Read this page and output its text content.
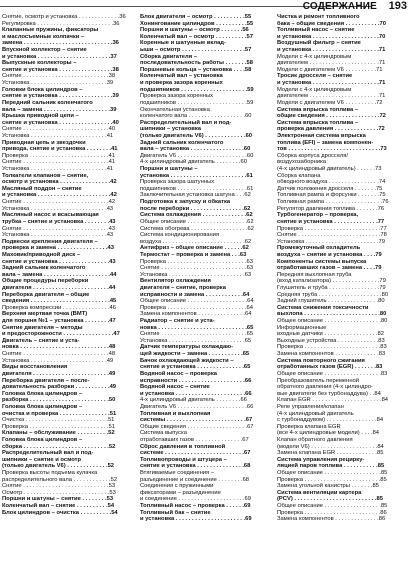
СОДЕРЖАНИЕ 193
Снятие, осмотр и установка . . . . . . . . . . . . .36
Регулировка . . . . . . . . . . . . . . . . . . . . . . . .36
Клапанные пружины, фиксаторы
и маслосъемные колпачки –
замена . . . . . . . . . . . . . . . . . . . . . . . . . . . .36
Впускной коллектор – снятие
и установка . . . . . . . . . . . . . . . . . . . . . . .37
Выпускные коллекторы –
снятие и установка . . . . . . . . . . . . . . . . .38
Снятие . . . . . . . . . . . . . . . . . . . . . . . . . . .38
Установка . . . . . . . . . . . . . . . . . . . . . . . .39
Головки блока цилиндров –
снятие и установка . . . . . . . . . . . . . . . . .39
Передний сальник коленчатого
вала – замена . . . . . . . . . . . . . . . . . . . . .39
Крышка приводной цепи –
снятие и установка . . . . . . . . . . . . . . . . .40
Снятие . . . . . . . . . . . . . . . . . . . . . . . . . . .40
Установка . . . . . . . . . . . . . . . . . . . . . . . .41
Приводная цепь и звездочки
привода, снятие и установка . . . . . . . .41
Проверка . . . . . . . . . . . . . . . . . . . . . . . . .41
Снятие . . . . . . . . . . . . . . . . . . . . . . . . . . .41
Установка . . . . . . . . . . . . . . . . . . . . . . . .41
Толкатели клапанов – снятие,
осмотр и установка . . . . . . . . . . . . . . . .42
Масляный поддон – снятие
и установка . . . . . . . . . . . . . . . . . . . . . . .42
Снятие . . . . . . . . . . . . . . . . . . . . . . . . . . .42
Установка . . . . . . . . . . . . . . . . . . . . . . . .43
Масляный насос и всасывающая
трубка – снятие и установка . . . . . . . .43
Снятие . . . . . . . . . . . . . . . . . . . . . . . . . . .43
Установка . . . . . . . . . . . . . . . . . . . . . . . .43
Подвески крепления двигателя –
проверка и замена . . . . . . . . . . . . . . . .43
Маховик/приводной диск –
снятие и установка . . . . . . . . . . . . . . . .43
Задний сальник коленчатого
вала – замена . . . . . . . . . . . . . . . . . . . . .44
Общие процедуры переборки
двигателя . . . . . . . . . . . . . . . . . . . . . . . .44
Переборка двигателя – общие
сведения . . . . . . . . . . . . . . . . . . . . . . . . .45
Проверка компрессии . . . . . . . . . . . . . . .46
Верхняя мертвая точка (ВМТ)
для поршня №1 – установка . . . . . . . .47
Снятие двигателя – методы
и предосторожности . . . . . . . . . . . . . . . .47
Двигатель – снятие и уста-
новка . . . . . . . . . . . . . . . . . . . . . . . . . . . .48
Снятие . . . . . . . . . . . . . . . . . . . . . . . . . . .48
Установка . . . . . . . . . . . . . . . . . . . . . . . .49
Виды восстановления
двигателя . . . . . . . . . . . . . . . . . . . . . . . .49
Переборка двигателя – после-
довательность разборки . . . . . . . . . . .49
Головка блока цилиндров –
разборка . . . . . . . . . . . . . . . . . . . . . . . . .50
Головка блока цилиндров –
очистка и проверка . . . . . . . . . . . . . . . .51
Очистка . . . . . . . . . . . . . . . . . . . . . . . . . .51
Проверка . . . . . . . . . . . . . . . . . . . . . . . . .51
Клапаны – обслуживание . . . . . . . . . .52
Головка блока цилиндров –
сборка . . . . . . . . . . . . . . . . . . . . . . . . . . .52
Распределительный вал и под-
шипники – снятие и осмотр
(только двигатель V6) . . . . . . . . . . . . .52
Проверка высоты подъема кулачка
распределительного вала . . . . . . . . . . . .52
Снятие . . . . . . . . . . . . . . . . . . . . . . . . . . .53
Осмотр . . . . . . . . . . . . . . . . . . . . . . . . . . .53
Поршни и шатуны – снятие . . . . . . . .53
Коленчатый вал – снятие . . . . . . . . . .54
Блок цилиндров – очистка . . . . . . . . . .54
Блок двигателя – осмотр . . . . . . . . . .55
Хонингование цилиндров . . . . . . . . . .55
Поршни и шатуны – осмотр . . . . . . .56
Коленчатый вал – осмотр . . . . . . . . . .57
Коренные и шатунные вклад-
ыши – осмотр . . . . . . . . . . . . . . . . . . . .57
Сборка двигателя –
последовательность работы . . . . . . .58
Поршневые кольца – установка . . . .58
Коленчатый вал – установка
и проверка зазора коренных
подшипников . . . . . . . . . . . . . . . . . . . . .59
Проверка зазора коренных
подшипников . . . . . . . . . . . . . . . . . . . . . .59
Окончательная установка
коленчатого вала . . . . . . . . . . . . . . . . . .60
Распределительный вал и под-
шипники – установка
(только двигатель V6) . . . . . . . . . . . . .60
Задний сальник коленчатого
вала – установка . . . . . . . . . . . . . . . . .60
Двигатель V6 . . . . . . . . . . . . . . . . . . . . . .60
4-х цилиндровый двигатель . . . . . . . .60
Поршни и шатуны –
установка . . . . . . . . . . . . . . . . . . . . . . . .61
Проверка зазора шатунных
подшипников . . . . . . . . . . . . . . . . . . . . . .61
Заключительная установка шатуна . . .62
Подготовка к запуску и обкатка
после переборки . . . . . . . . . . . . . . . . .62
Система охлаждения . . . . . . . . . . . . . .62
Общее описание . . . . . . . . . . . . . . . . . . .62
Система обогрева . . . . . . . . . . . . . . . . . .62
Система кондиционирования
воздуха . . . . . . . . . . . . . . . . . . . . . . . . . .62
Антифриз – общее описание . . . . . .62
Термостат – проверка и замена . . .63
Проверка . . . . . . . . . . . . . . . . . . . . . . . . .63
Снятие . . . . . . . . . . . . . . . . . . . . . . . . . . .63
Установка . . . . . . . . . . . . . . . . . . . . . . . .63
Вентилятор охлаждения
двигателя – снятие, проверка
исправности и замена . . . . . . . . . . . .64
Общее описание . . . . . . . . . . . . . . . . . . .64
Проверка . . . . . . . . . . . . . . . . . . . . . . . . .64
Замена компонентов . . . . . . . . . . . . . . .64
Радиатор – снятие и уста-
новка . . . . . . . . . . . . . . . . . . . . . . . . . . . .65
Снятие . . . . . . . . . . . . . . . . . . . . . . . . . . .65
Установка . . . . . . . . . . . . . . . . . . . . . . . .65
Датчик температуры охлаждаю-
щей жидкости – замена . . . . . . . . . . .65
Бачок охлаждающей жидкости –
снятие и установка . . . . . . . . . . . . . . .65
Водяной насос – проверка
исправности . . . . . . . . . . . . . . . . . . . . .66
Водяной насос – снятие
и установка . . . . . . . . . . . . . . . . . . . . . .66
4-х цилиндровый двигатель . . . . . . . .66
Двигатель V6 . . . . . . . . . . . . . . . . . . . . . .66
Топливная и выхлопная
системы . . . . . . . . . . . . . . . . . . . . . . . . .67
Общие сведения . . . . . . . . . . . . . . . . . . .67
Система выпуска
отработавших газов . . . . . . . . . . . . . . .67
Сброс давления в топливной
системе . . . . . . . . . . . . . . . . . . . . . . . . .67
Топливопроводы и штуцера –
снятие и установка . . . . . . . . . . . . . . .68
Втягиваемые соединения –
разъединение и соединение . . . . . . . .68
Соединения с пружинными
фиксаторами – разъединение
и соединение . . . . . . . . . . . . . . . . . . . . .69
Топливный насос – проверка . . . . . .69
Топливный бак – снятие
и установка . . . . . . . . . . . . . . . . . . . . . .69
Чистка и ремонт топливного
бака – общие сведения . . . . . . . . . . .70
Топливный насос – снятие
и установка . . . . . . . . . . . . . . . . . . . . .70
Воздушный фильтр – снятие
и установка . . . . . . . . . . . . . . . . . . . . .71
Модели с 4-х цилиндровым
двигателем . . . . . . . . . . . . . . . . . . . . . .71
Модели с двигателем V6 . . . . . . . . . .71
Тросик дросселя – снятие
и установка . . . . . . . . . . . . . . . . . . . . .71
Модели с 4-х цилиндровым
двигателем . . . . . . . . . . . . . . . . . . . . . .71
Модели с двигателем V6 . . . . . . . . . .72
Система впрыска топлива –
общие сведения . . . . . . . . . . . . . . . . .72
Система впрыска топлива –
проверка давления . . . . . . . . . . . . . .72
Электронная система впрыска
топлива (EFI) – замена компонен-
тов . . . . . . . . . . . . . . . . . . . . . . . . . . . . .73
Сборка корпуса дросселя/
воздухозаборника
(4-х цилиндровый двигатель) . . . . . .73
Сборка клапана
обводного воздуха . . . . . . . . . . . . . . . .74
Датчик положения дросселя . . . . . . .75
Топливная рампа и форсунки . . . . . . .75
Топливная рампа . . . . . . . . . . . . . . . . . .76
Регулятор давления топлива . . . . . . .76
Турбогенератор – проверка,
снятие и установка . . . . . . . . . . . . . .77
Проверка . . . . . . . . . . . . . . . . . . . . . . . .77
Снятие . . . . . . . . . . . . . . . . . . . . . . . . . .78
Установка . . . . . . . . . . . . . . . . . . . . . . .79
Промежуточный охладитель
воздуха – снятие и установка . . . .79
Компоненты системы выпуска
отработавших газов – замена . . . .79
Передняя выхлопная труба
(вход катализатора) . . . . . . . . . . . . . . .79
Глушитель и труба . . . . . . . . . . . . . . . .79
Средняя труба . . . . . . . . . . . . . . . . . . . .80
Задний глушитель . . . . . . . . . . . . . . . .80
Система снижения токсичности
выхлопа . . . . . . . . . . . . . . . . . . . . . . . .80
Общее описание . . . . . . . . . . . . . . . . . .80
Информационные
входные датчики . . . . . . . . . . . . . . . . .82
Выходные устройства . . . . . . . . . . . . .83
Проверка . . . . . . . . . . . . . . . . . . . . . . . .83
Замена компонентов . . . . . . . . . . . . . .83
Система повторного сжигания
отработанных газов (EGR) . . . . . . .83
Общее описание . . . . . . . . . . . . . . . . . .83
Преобразователь переменной
обратного давления (4-х цилиндро-
вые двигатели без турбонаддува) . .84
Клапан EGR . . . . . . . . . . . . . . . . . . . . . .84
Реле управления/клапан
(4-х цилиндровый двигатель
с турбонаддувом) . . . . . . . . . . . . . . . .84
Проверка клапана EGR
(все 4-х цилиндровые модели) . . . .84
Клапан обратного давления
(модели V6) . . . . . . . . . . . . . . . . . . . . .84
Замена клапана EGR . . . . . . . . . . . . .85
Система управления рецирку-
ляцией паров топлива . . . . . . . . . . .85
Общее описание . . . . . . . . . . . . . . . . . .85
Проверка . . . . . . . . . . . . . . . . . . . . . . . .85
Замена угольной канистры . . . . . . .85
Система вентиляции картера
(PCV) . . . . . . . . . . . . . . . . . . . . . . . . . .85
Общее описание . . . . . . . . . . . . . . . . . .85
Проверка . . . . . . . . . . . . . . . . . . . . . . . .86
Замена компонентов . . . . . . . . . . . . . .86
